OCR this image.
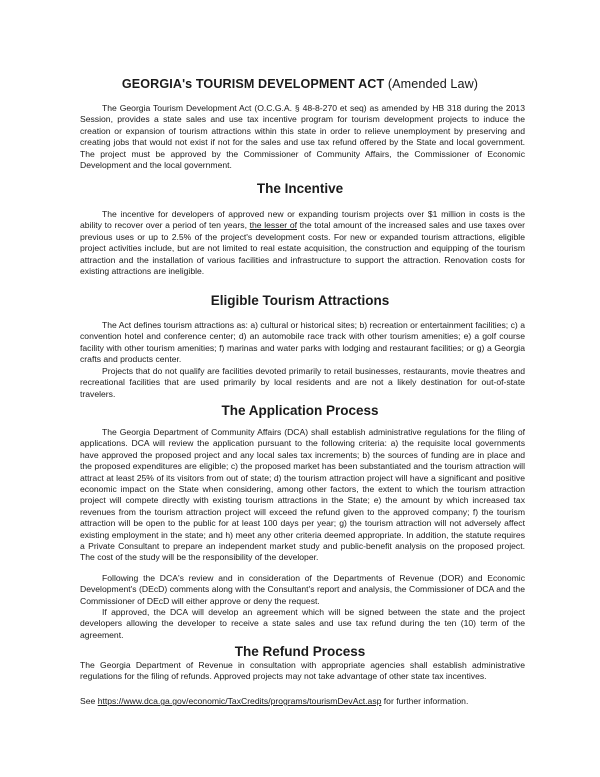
GEORGIA's TOURISM DEVELOPMENT ACT (Amended Law)

The Georgia Tourism Development Act (O.C.G.A. § 48-8-270 et seq) as amended by HB 318 during the 2013 Session, provides a state sales and use tax incentive program for tourism development projects to induce the creation or expansion of tourism attractions within this state in order to relieve unemployment by preserving and creating jobs that would not exist if not for the sales and use tax refund offered by the State and local government. The project must be approved by the Commissioner of Community Affairs, the Commissioner of Economic Development and the local government.

The Incentive

The incentive for developers of approved new or expanding tourism projects over $1 million in costs is the ability to recover over a period of ten years, the lesser of the total amount of the increased sales and use taxes over previous uses or up to 2.5% of the project's development costs. For new or expanded tourism attractions, eligible project activities include, but are not limited to real estate acquisition, the construction and equipping of the tourism attraction and the installation of various facilities and infrastructure to support the attraction. Renovation costs for existing attractions are ineligible.

Eligible Tourism Attractions

The Act defines tourism attractions as: a) cultural or historical sites; b) recreation or entertainment facilities; c) a convention hotel and conference center; d) an automobile race track with other tourism amenities; e) a golf course facility with other tourism amenities; f) marinas and water parks with lodging and restaurant facilities; or g) a Georgia crafts and products center.

Projects that do not qualify are facilities devoted primarily to retail businesses, restaurants, movie theatres and recreational facilities that are used primarily by local residents and are not a likely destination for out-of-state travelers.

The Application Process

The Georgia Department of Community Affairs (DCA) shall establish administrative regulations for the filing of applications. DCA will review the application pursuant to the following criteria: a) the requisite local governments have approved the proposed project and any local sales tax increments; b) the sources of funding are in place and the proposed expenditures are eligible; c) the proposed market has been substantiated and the tourism attraction will attract at least 25% of its visitors from out of state; d) the tourism attraction project will have a significant and positive economic impact on the State when considering, among other factors, the extent to which the tourism attraction project will compete directly with existing tourism attractions in the State; e) the amount by which increased tax revenues from the tourism attraction project will exceed the refund given to the approved company; f) the tourism attraction will be open to the public for at least 100 days per year; g) the tourism attraction will not adversely affect existing employment in the state; and h) meet any other criteria deemed appropriate. In addition, the statute requires a Private Consultant to prepare an independent market study and public-benefit analysis on the proposed project. The cost of the study will be the responsibility of the developer.

Following the DCA's review and in consideration of the Departments of Revenue (DOR) and Economic Development's (DEcD) comments along with the Consultant's report and analysis, the Commissioner of DCA and the Commissioner of DEcD will either approve or deny the request.

If approved, the DCA will develop an agreement which will be signed between the state and the project developers allowing the developer to receive a state sales and use tax refund during the ten (10) term of the agreement.

The Refund Process

The Georgia Department of Revenue in consultation with appropriate agencies shall establish administrative regulations for the filing of refunds. Approved projects may not take advantage of other state tax incentives.

See https://www.dca.ga.gov/economic/TaxCredits/programs/tourismDevAct.asp for further information.
